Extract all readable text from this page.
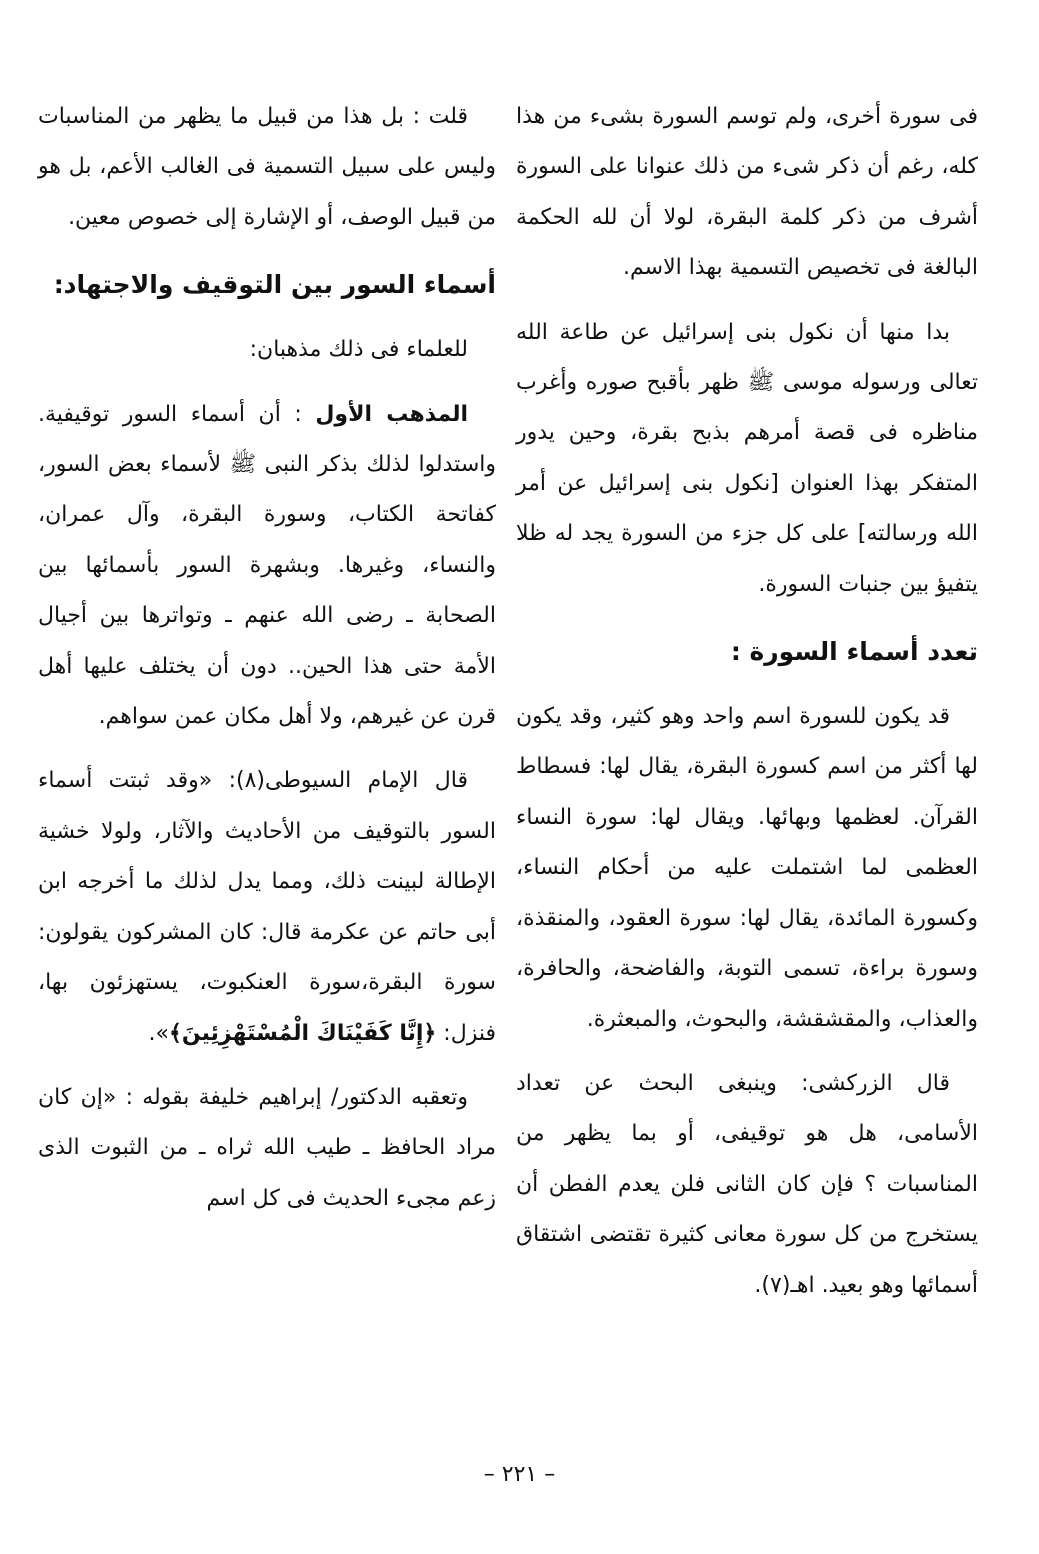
فى سورة أخرى، ولم توسم السورة بشىء من هذا كله، رغم أن ذكر شىء من ذلك عنوانا على السورة أشرف من ذكر كلمة البقرة، لولا أن لله الحكمة البالغة فى تخصيص التسمية بهذا الاسم.

بدا منها أن نكول بنى إسرائيل عن طاعة الله تعالى ورسوله موسى ﷺ ظهر بأقبح صوره وأغرب مناظره فى قصة أمرهم بذبح بقرة، وحين يدور المتفكر بهذا العنوان [نكول بنى إسرائيل عن أمر الله ورسالته] على كل جزء من السورة يجد له ظلا يتفيؤ بين جنبات السورة.

تعدد أسماء السورة :

قد يكون للسورة اسم واحد وهو كثير، وقد يكون لها أكثر من اسم كسورة البقرة، يقال لها: فسطاط القرآن. لعظمها وبهائها. ويقال لها: سورة النساء العظمى لما اشتملت عليه من أحكام النساء، وكسورة المائدة، يقال لها: سورة العقود، والمنقذة، وسورة براءة، تسمى التوبة، والفاضحة، والحافرة، والعذاب، والمقشقشة، والبحوث، والمبعثرة.

قال الزركشى: وينبغى البحث عن تعداد الأسامى، هل هو توقيفى، أو بما يظهر من المناسبات ؟ فإن كان الثانى فلن يعدم الفطن أن يستخرج من كل سورة معانى كثيرة تقتضى اشتقاق أسمائها وهو بعيد. اهـ(٧).

قلت : بل هذا من قبيل ما يظهر من المناسبات وليس على سبيل التسمية فى الغالب الأعم، بل هو من قبيل الوصف، أو الإشارة إلى خصوص معين.

أسماء السور بين التوقيف والاجتهاد:

للعلماء فى ذلك مذهبان:

المذهب الأول : أن أسماء السور توقيفية. واستدلوا لذلك بذكر النبى ﷺ لأسماء بعض السور، كفاتحة الكتاب، وسورة البقرة، وآل عمران، والنساء، وغيرها. وبشهرة السور بأسمائها بين الصحابة ـ رضى الله عنهم ـ وتواترها بين أجيال الأمة حتى هذا الحين.. دون أن يختلف عليها أهل قرن عن غيرهم، ولا أهل مكان عمن سواهم.

قال الإمام السيوطى(٨): «وقد ثبتت أسماء السور بالتوقيف من الأحاديث والآثار، ولولا خشية الإطالة لبينت ذلك، ومما يدل لذلك ما أخرجه ابن أبى حاتم عن عكرمة قال: كان المشركون يقولون: سورة البقرة،سورة العنكبوت، يستهزئون بها، فنزل: ﴿إِنَّا كَفَيْنَاكَ الْمُسْتَهْزِئِينَ﴾».

وتعقبه الدكتور/ إبراهيم خليفة بقوله : «إن كان مراد الحافظ ـ طيب الله ثراه ـ من الثبوت الذى زعم مجىء الحديث فى كل اسم

– ٢٢١ –
